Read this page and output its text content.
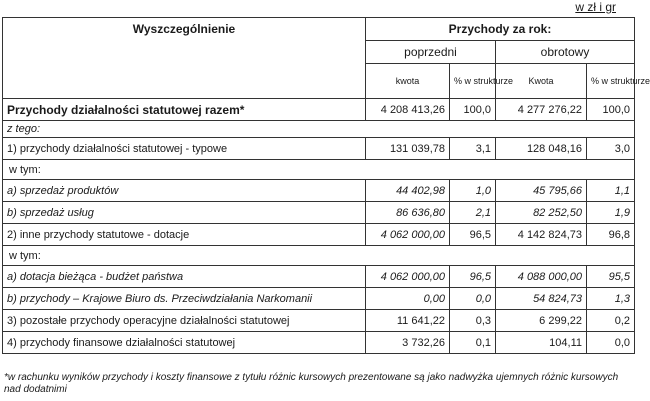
w zł i gr
Wyszczególnienie	Przychody za rok:			
	poprzedni		obrotowy	
	kwota	% w strukturze	Kwota	% w strukturze
Przychody działalności statutowej razem*	4 208 413,26	100,0	4 277 276,22	100,0
z tego:				
1) przychody działalności statutowej - typowe	131 039,78	3,1	128 048,16	3,0
w tym:				
a) sprzedaż produktów	44 402,98	1,0	45 795,66	1,1
b) sprzedaż usług	86 636,80	2,1	82 252,50	1,9
2) inne przychody statutowe - dotacje	4 062 000,00	96,5	4 142 824,73	96,8
w tym:				
a) dotacja bieżąca - budżet państwa	4 062 000,00	96,5	4 088 000,00	95,5
b) przychody – Krajowe Biuro ds. Przeciwdziałania Narkomanii	0,00	0,0	54 824,73	1,3
3) pozostałe przychody operacyjne działalności statutowej	11 641,22	0,3	6 299,22	0,2
4) przychody finansowe działalności statutowej	3 732,26	0,1	104,11	0,0
*w rachunku wyników przychody i koszty finansowe z tytułu różnic kursowych prezentowane są jako nadwyżka ujemnych różnic kursowych nad dodatnimi
